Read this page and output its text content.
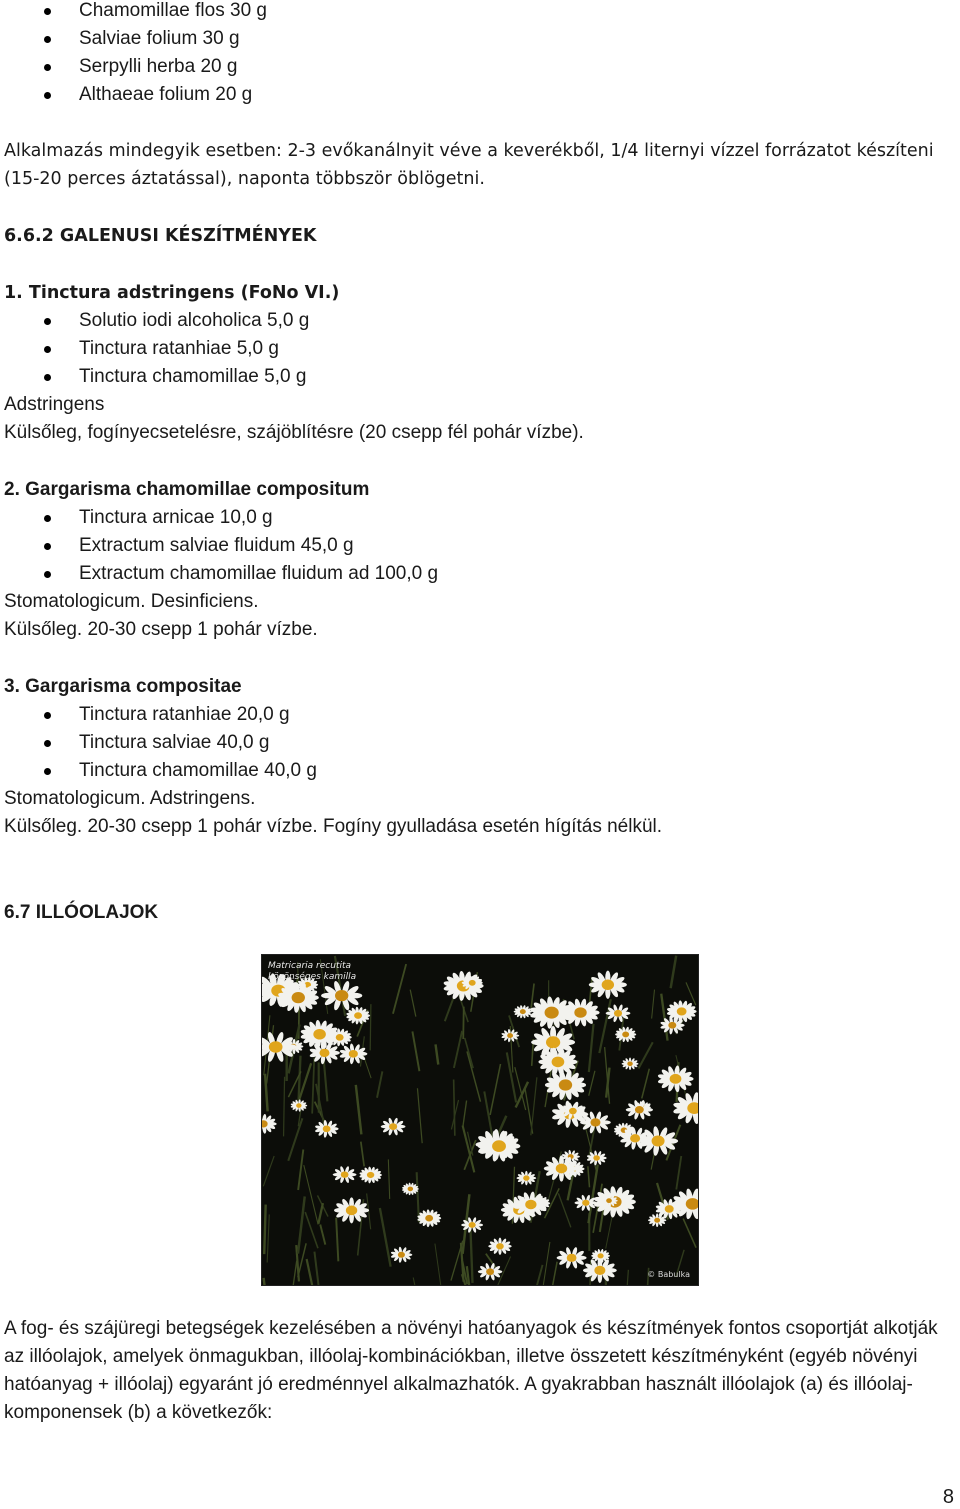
Chamomillae flos 30 g
Salviae folium 30 g
Serpylli herba 20 g
Althaeae folium 20 g

Alkalmazás mindegyik esetben: 2-3 evőkanálnyit véve a keverékből, 1/4 liternyi vízzel forrázatot készíteni (15-20 perces áztatással), naponta többször öblögetni.

6.6.2 GALENUSI KÉSZÍTMÉNYEK
1. Tinctura adstringens (FoNo VI.)
Solutio iodi alcoholica 5,0 g
Tinctura ratanhiae 5,0 g
Tinctura chamomillae 5,0 g
Adstringens
Külsőleg, fogínyecsetelésre, szájöblítésre (20 csepp fél pohár vízbe).
2. Gargarisma chamomillae compositum
Tinctura arnicae 10,0 g
Extractum salviae fluidum 45,0 g
Extractum chamomillae fluidum ad 100,0 g
Stomatologicum. Desinficiens.
Külsőleg. 20-30 csepp 1 pohár vízbe.
3. Gargarisma compositae
Tinctura ratanhiae 20,0 g
Tinctura salviae 40,0 g
Tinctura chamomillae 40,0 g
Stomatologicum. Adstringens.
Külsőleg. 20-30 csepp 1 pohár vízbe. Fogíny gyulladása esetén hígítás nélkül.
6.7 ILLÓOLAJOK
Matricaria recutita
közönséges kamilla
© Babulka

A fog- és szájüregi betegségek kezelésében a növényi hatóanyagok és készítmények fontos csoportját alkotják az illóolajok, amelyek önmagukban, illóolaj-kombinációkban, illetve összetett készítményként (egyéb növényi hatóanyag + illóolaj) egyaránt jó eredménnyel alkalmazhatók. A gyakrabban használt illóolajok (a) és illóolaj-komponensek (b) a következők:

8
